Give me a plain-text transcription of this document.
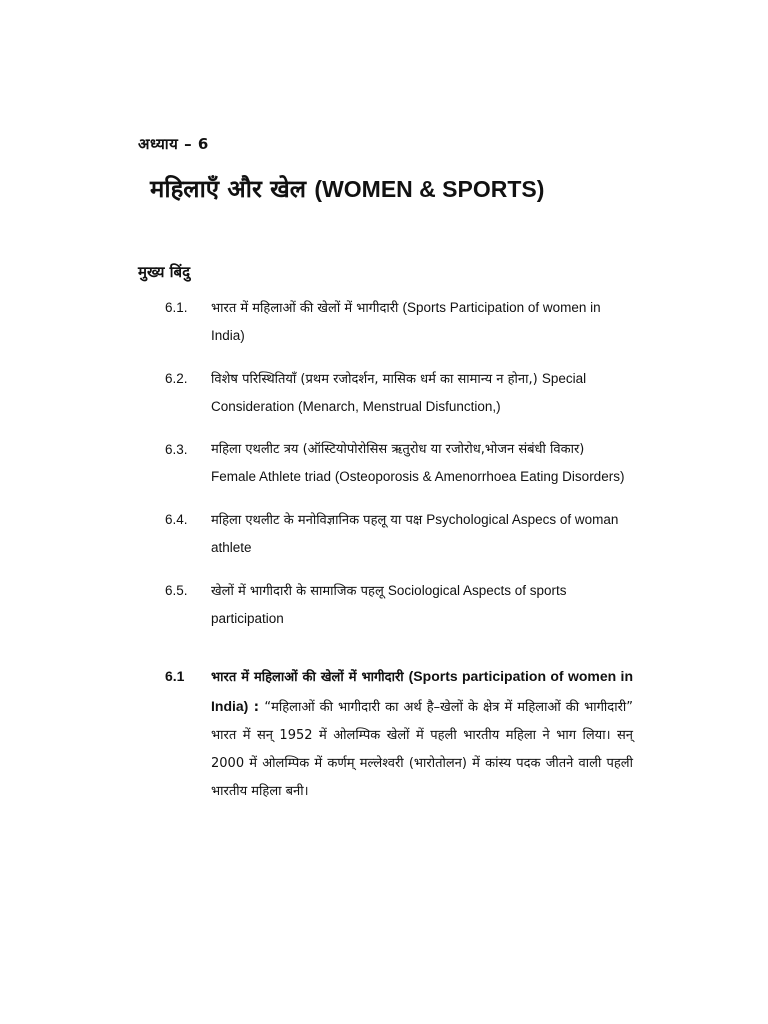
अध्याय – 6
महिलाएँ और खेल (WOMEN & SPORTS)
मुख्य बिंदु
6.1.	भारत में महिलाओं की खेलों में भागीदारी (Sports Participation of women in India)
6.2.	विशेष परिस्थितियाँ (प्रथम रजोदर्शन, मासिक धर्म का सामान्य न होना,) Special Consideration (Menarch, Menstrual Disfunction,)
6.3.	महिला एथलीट त्रय (ऑस्टियोपोरोसिस ऋतुरोध या रजोरोध,भोजन संबंधी विकार) Female Athlete triad (Osteoporosis & Amenorrhoea Eating Disorders)
6.4.	महिला एथलीट के मनोविज्ञानिक पहलू या पक्ष Psychological Aspecs of woman athlete
6.5.	खेलों में भागीदारी के सामाजिक पहलू Sociological Aspects of sports participation
6.1	भारत में महिलाओं की खेलों में भागीदारी (Sports participation of women in India) : “महिलाओं की भागीदारी का अर्थ है–खेलों के क्षेत्र में महिलाओं की भागीदारी” भारत में सन् 1952 में ओलम्पिक खेलों में पहली भारतीय महिला ने भाग लिया। सन् 2000 में ओलम्पिक में कर्णम् मल्लेश्वरी (भारोतोलन) में कांस्य पदक जीतने वाली पहली भारतीय महिला बनी।
